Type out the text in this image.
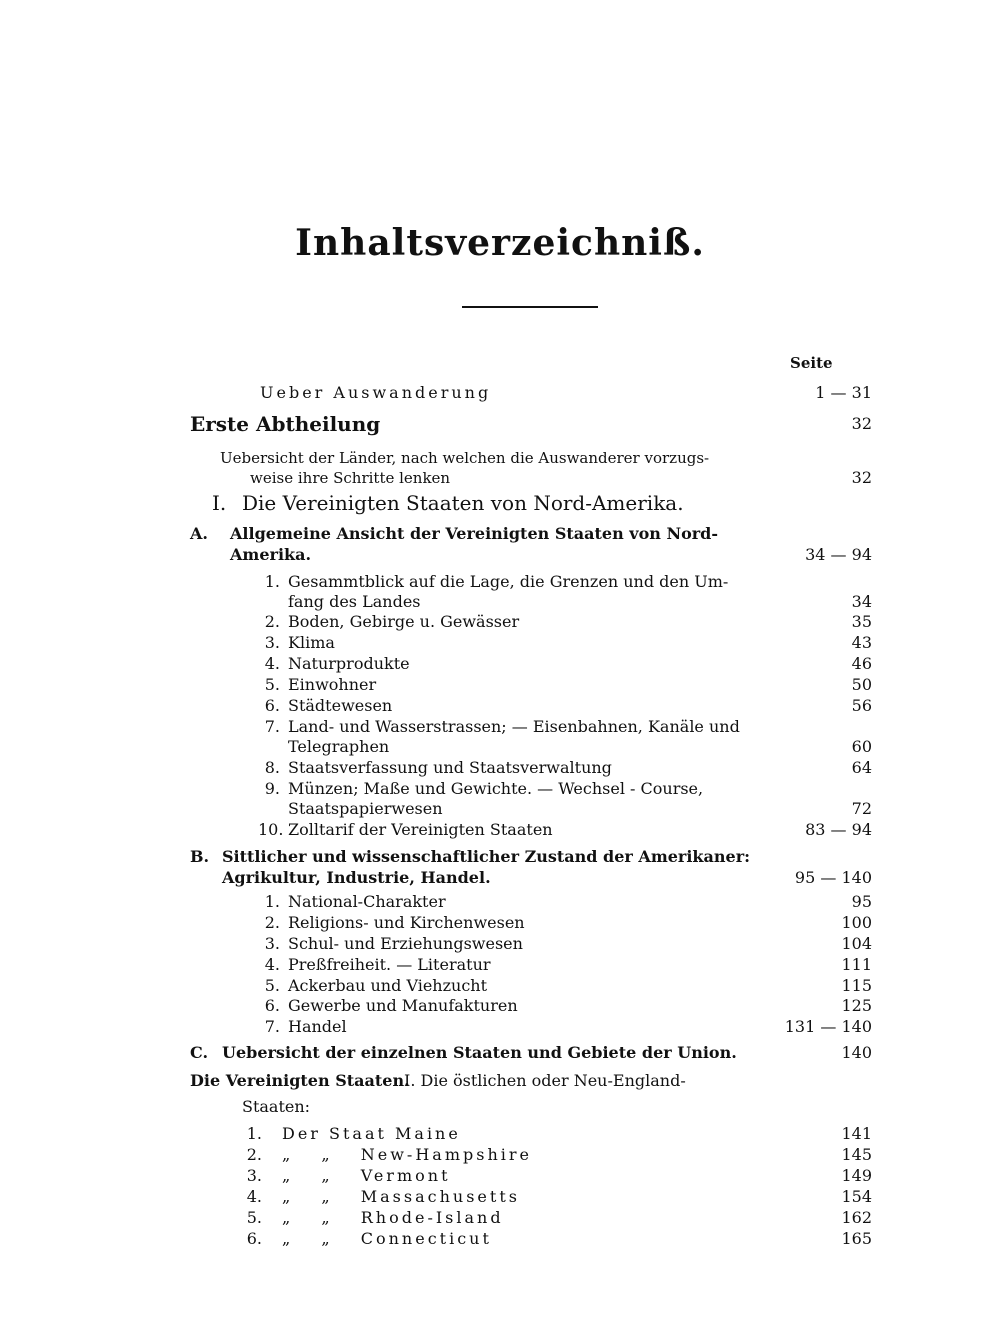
Inhaltsverzeichniß.
Seite
Ueber Auswanderung	1 — 31
Erste Abtheilung	32
Uebersicht der Länder, nach welchen die Auswanderer vorzugs-
weise ihre Schritte lenken	32
I. Die Vereinigten Staaten von Nord-Amerika.
A. Allgemeine Ansicht der Vereinigten Staaten von Nord-
Amerika.	34 — 94
1. Gesammtblick auf die Lage, die Grenzen und den Um-
fang des Landes	34
2. Boden, Gebirge u. Gewässer	35
3. Klima	43
4. Naturprodukte	46
5. Einwohner	50
6. Städtewesen	56
7. Land- und Wasserstrassen; — Eisenbahnen, Kanäle und
Telegraphen	60
8. Staatsverfassung und Staatsverwaltung	64
9. Münzen; Maße und Gewichte. — Wechsel - Course,
Staatspapierwesen	72
10. Zolltarif der Vereinigten Staaten	83 — 94
B. Sittlicher und wissenschaftlicher Zustand der Amerikaner:
Agrikultur, Industrie, Handel.	95 — 140
1. National-Charakter	95
2. Religions- und Kirchenwesen	100
3. Schul- und Erziehungswesen	104
4. Preßfreiheit. — Literatur	111
5. Ackerbau und Viehzucht	115
6. Gewerbe und Manufakturen	125
7. Handel	131 — 140
C. Uebersicht der einzelnen Staaten und Gebiete der Union.	140
Die Vereinigten Staaten.
I. Die östlichen oder Neu-England-
Staaten:
1. Der Staat Maine	141
2. „ „ New-Hampshire	145
3. „ „ Vermont	149
4. „ „ Massachusetts	154
5. „ „ Rhode-Island	162
6. „ „ Connecticut	165
